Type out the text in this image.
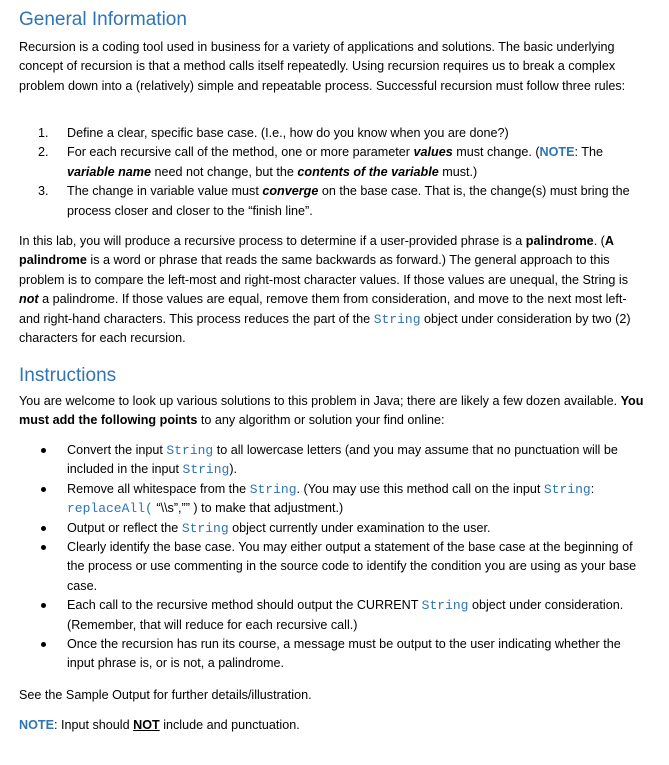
General Information

Recursion is a coding tool used in business for a variety of applications and solutions. The basic underlying concept of recursion is that a method calls itself repeatedly. Using recursion requires us to break a complex problem down into a (relatively) simple and repeatable process. Successful recursion must follow three rules:

1. Define a clear, specific base case. (I.e., how do you know when you are done?)
2. For each recursive call of the method, one or more parameter values must change. (NOTE: The variable name need not change, but the contents of the variable must.)
3. The change in variable value must converge on the base case. That is, the change(s) must bring the process closer and closer to the “finish line”.

In this lab, you will produce a recursive process to determine if a user-provided phrase is a palindrome. (A palindrome is a word or phrase that reads the same backwards as forward.) The general approach to this problem is to compare the left-most and right-most character values. If those values are unequal, the String is not a palindrome. If those values are equal, remove them from consideration, and move to the next most left- and right-hand characters. This process reduces the part of the String object under consideration by two (2) characters for each recursion.

Instructions

You are welcome to look up various solutions to this problem in Java; there are likely a few dozen available. You must add the following points to any algorithm or solution your find online:

Convert the input String to all lowercase letters (and you may assume that no punctuation will be included in the input String).
Remove all whitespace from the String. (You may use this method call on the input String: replaceAll( “\\s”,”” ) to make that adjustment.)
Output or reflect the String object currently under examination to the user.
Clearly identify the base case. You may either output a statement of the base case at the beginning of the process or use commenting in the source code to identify the condition you are using as your base case.
Each call to the recursive method should output the CURRENT String object under consideration. (Remember, that will reduce for each recursive call.)
Once the recursion has run its course, a message must be output to the user indicating whether the input phrase is, or is not, a palindrome.

See the Sample Output for further details/illustration.

NOTE: Input should NOT include and punctuation.
